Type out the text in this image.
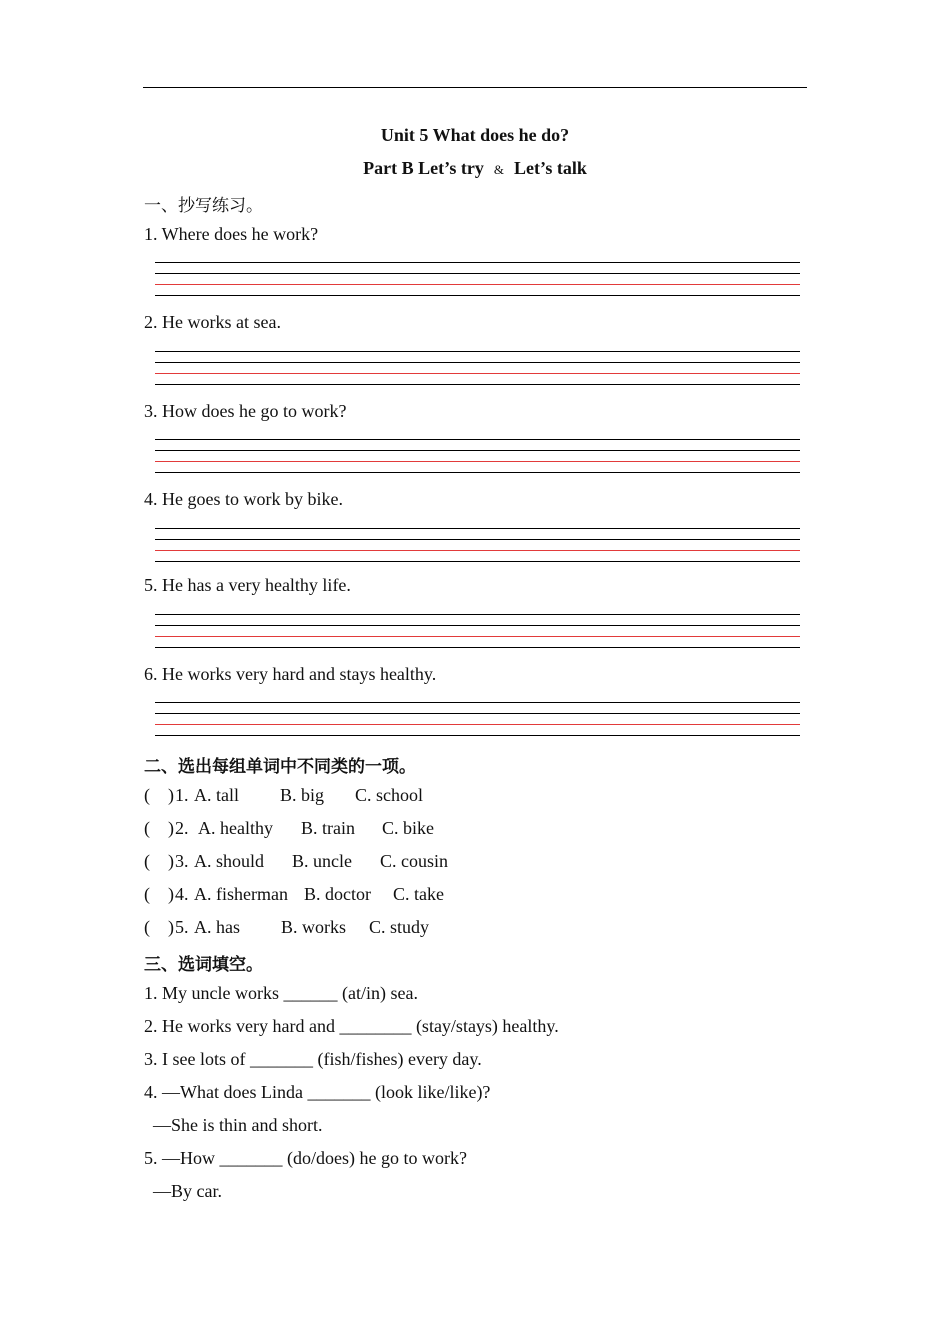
Unit 5 What does he do?
Part B Let’s try & Let’s talk
一、抄写练习。
1. Where does he work?
2. He works at sea.
3. How does he go to work?
4. He goes to work by bike.
5. He has a very healthy life.
6. He works very hard and stays healthy.
二、选出每组单词中不同类的一项。
(    ) 1. A. tall B. big C. school
(    ) 2. A. healthy B. train C. bike
(    ) 3. A. should B. uncle C. cousin
(    ) 4. A. fisherman B. doctor C. take
(    ) 5. A. has B. works C. study
三、选词填空。
1. My uncle works ______ (at/in) sea.
2. He works very hard and ________ (stay/stays) healthy.
3. I see lots of _______ (fish/fishes) every day.
4. —What does Linda _______ (look like/like)?
—She is thin and short.
5. —How _______ (do/does) he go to work?
—By car.
